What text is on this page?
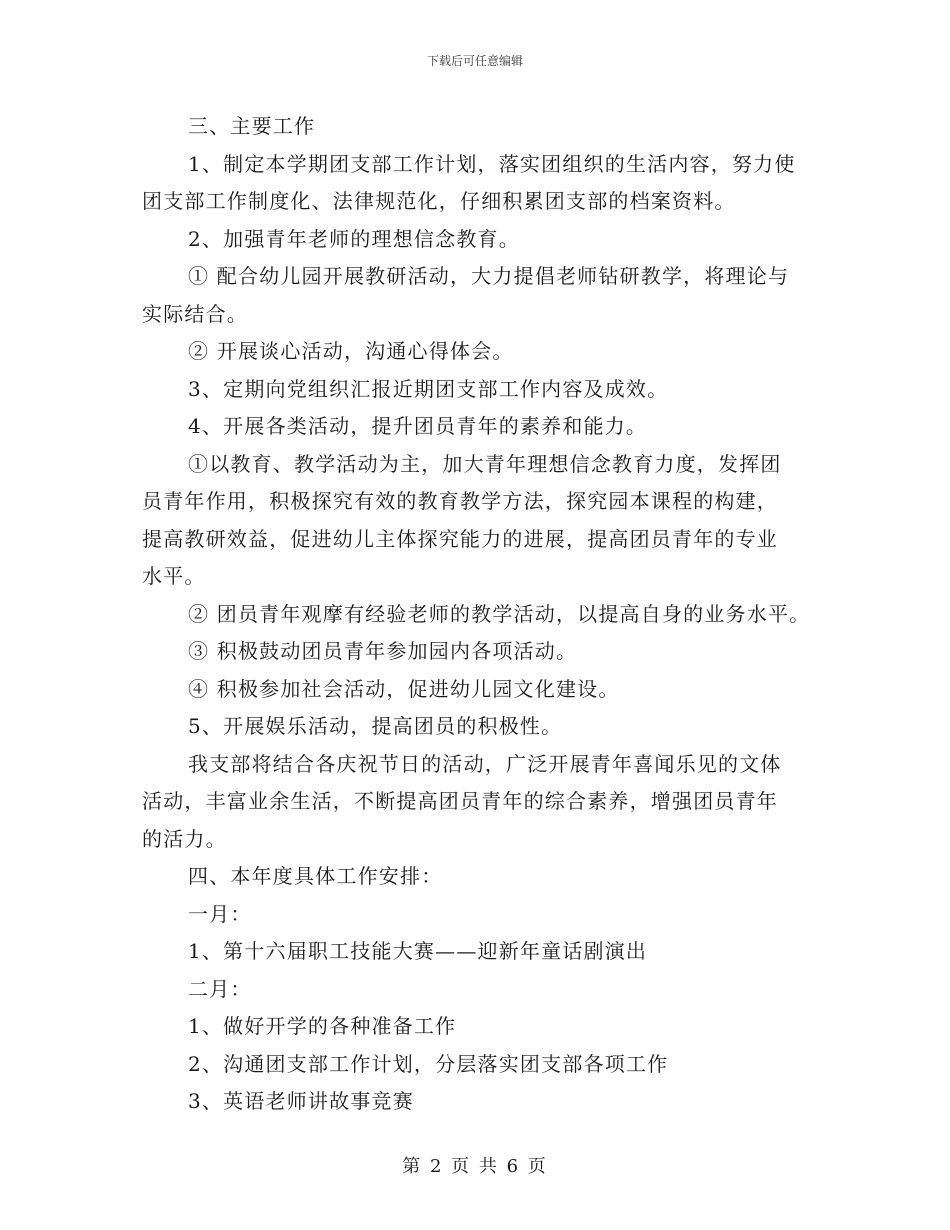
下载后可任意编辑
三、主要工作
1、制定本学期团支部工作计划，落实团组织的生活内容，努力使
团支部工作制度化、法律规范化，仔细积累团支部的档案资料。
2、加强青年老师的理想信念教育。
① 配合幼儿园开展教研活动，大力提倡老师钻研教学，将理论与
实际结合。
② 开展谈心活动，沟通心得体会。
3、定期向党组织汇报近期团支部工作内容及成效。
4、开展各类活动，提升团员青年的素养和能力。
①以教育、教学活动为主，加大青年理想信念教育力度，发挥团
员青年作用，积极探究有效的教育教学方法，探究园本课程的构建，
提高教研效益，促进幼儿主体探究能力的进展，提高团员青年的专业
水平。
② 团员青年观摩有经验老师的教学活动，以提高自身的业务水平。
③ 积极鼓动团员青年参加园内各项活动。
④ 积极参加社会活动，促进幼儿园文化建设。
5、开展娱乐活动，提高团员的积极性。
我支部将结合各庆祝节日的活动，广泛开展青年喜闻乐见的文体
活动，丰富业余生活，不断提高团员青年的综合素养，增强团员青年
的活力。
四、本年度具体工作安排：
一月：
1、第十六届职工技能大赛——迎新年童话剧演出
二月：
1、做好开学的各种准备工作
2、沟通团支部工作计划，分层落实团支部各项工作
3、英语老师讲故事竞赛
第 2 页 共 6 页
